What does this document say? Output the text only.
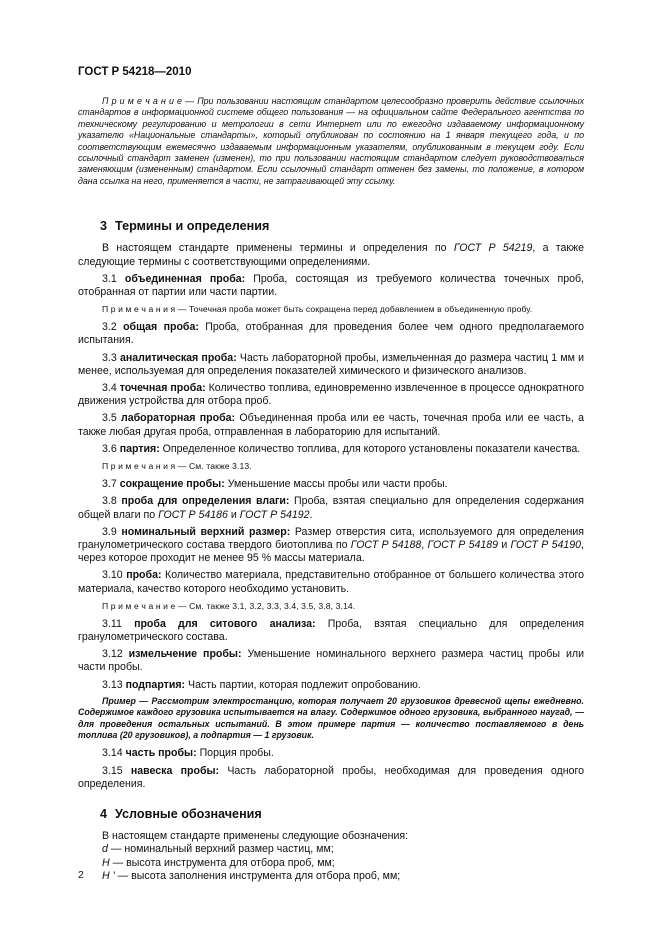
ГОСТ Р 54218—2010

П р и м е ч а н и е — При пользовании настоящим стандартом целесообразно проверить действие ссылочных стандартов в информационной системе общего пользования — на официальном сайте Федерального агентства по техническому регулированию и метрологии в сети Интернет или по ежегодно издаваемому информационному указателю «Национальные стандарты», который опубликован по состоянию на 1 января текущего года, и по соответствующим ежемесячно издаваемым информационным указателям, опубликованным в текущем году. Если ссылочный стандарт заменен (изменен), то при пользовании настоящим стандартом следует руководствоваться заменяющим (измененным) стандартом. Если ссылочный стандарт отменен без замены, то положение, в котором дана ссылка на него, применяется в части, не затрагивающей эту ссылку.

3 Термины и определения

В настоящем стандарте применены термины и определения по ГОСТ Р 54219, а также следующие термины с соответствующими определениями.

3.1 объединенная проба: Проба, состоящая из требуемого количества точечных проб, отобранная от партии или части партии.

П р и м е ч а н и я — Точечная проба может быть сокращена перед добавлением в объединенную пробу.

3.2 общая проба: Проба, отобранная для проведения более чем одного предполагаемого испытания.

3.3 аналитическая проба: Часть лабораторной пробы, измельченная до размера частиц 1 мм и менее, используемая для определения показателей химического и физического анализов.

3.4 точечная проба: Количество топлива, единовременно извлеченное в процессе однократного движения устройства для отбора проб.

3.5 лабораторная проба: Объединенная проба или ее часть, точечная проба или ее часть, а также любая другая проба, отправленная в лабораторию для испытаний.

3.6 партия: Определенное количество топлива, для которого установлены показатели качества.

П р и м е ч а н и я — См. также 3.13.

3.7 сокращение пробы: Уменьшение массы пробы или части пробы.

3.8 проба для определения влаги: Проба, взятая специально для определения содержания общей влаги по ГОСТ Р 54186 и ГОСТ Р 54192.

3.9 номинальный верхний размер: Размер отверстия сита, используемого для определения гранулометрического состава твердого биотоплива по ГОСТ Р 54188, ГОСТ Р 54189 и ГОСТ Р 54190, через которое проходит не менее 95 % массы материала.

3.10 проба: Количество материала, представительно отобранное от большего количества этого материала, качество которого необходимо установить.

П р и м е ч а н и е — См. также 3.1, 3.2, 3.3, 3.4, 3.5, 3.8, 3.14.

3.11 проба для ситового анализа: Проба, взятая специально для определения гранулометрического состава.

3.12 измельчение пробы: Уменьшение номинального верхнего размера частиц пробы или части пробы.

3.13 подпартия: Часть партии, которая подлежит опробованию.

Пример — Рассмотрим электростанцию, которая получает 20 грузовиков древесной щепы ежедневно. Содержимое каждого грузовика испытывается на влагу. Содержимое одного грузовика, выбранного наугад, — для проведения остальных испытаний. В этом примере партия — количество поставляемого в день топлива (20 грузовиков), а подпартия — 1 грузовик.

3.14 часть пробы: Порция пробы.

3.15 навеска пробы: Часть лабораторной пробы, необходимая для проведения одного определения.

4 Условные обозначения

В настоящем стандарте применены следующие обозначения:

d — номинальный верхний размер частиц, мм;

H — высота инструмента для отбора проб, мм;

H ' — высота заполнения инструмента для отбора проб, мм;

2
